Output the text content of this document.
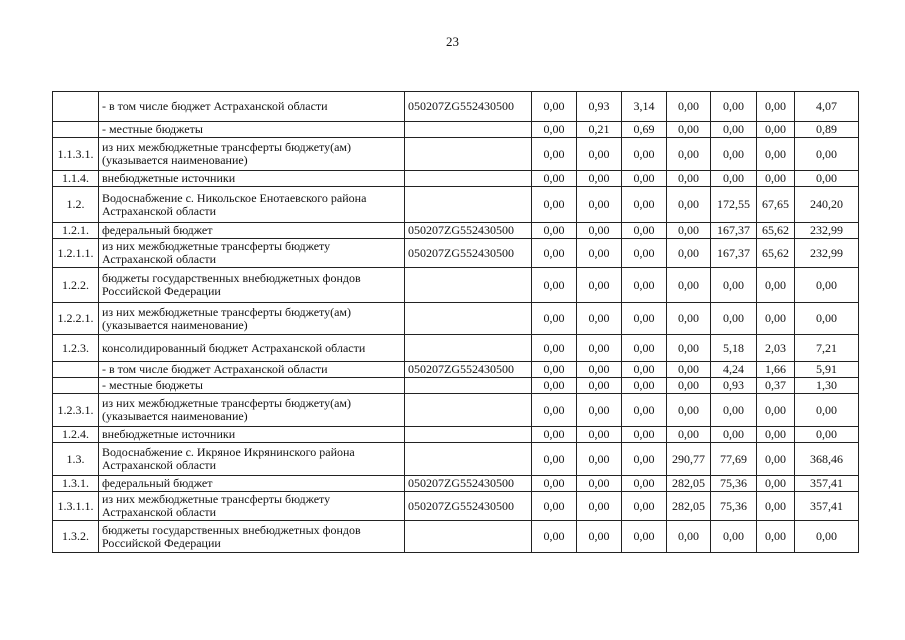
23
	- в том числе бюджет Астраханской области	050207ZG552430500	0,00	0,93	3,14	0,00	0,00	0,00	4,07
	- местные бюджеты		0,00	0,21	0,69	0,00	0,00	0,00	0,89
1.1.3.1.	из них межбюджетные трансферты бюджету(ам) (указывается наименование)		0,00	0,00	0,00	0,00	0,00	0,00	0,00
1.1.4.	внебюджетные источники		0,00	0,00	0,00	0,00	0,00	0,00	0,00
1.2.	Водоснабжение с. Никольское Енотаевского района Астраханской области		0,00	0,00	0,00	0,00	172,55	67,65	240,20
1.2.1.	федеральный бюджет	050207ZG552430500	0,00	0,00	0,00	0,00	167,37	65,62	232,99
1.2.1.1.	из них межбюджетные трансферты бюджету Астраханской области	050207ZG552430500	0,00	0,00	0,00	0,00	167,37	65,62	232,99
1.2.2.	бюджеты государственных внебюджетных фондов Российской Федерации		0,00	0,00	0,00	0,00	0,00	0,00	0,00
1.2.2.1.	из них межбюджетные трансферты бюджету(ам) (указывается наименование)		0,00	0,00	0,00	0,00	0,00	0,00	0,00
1.2.3.	консолидированный бюджет Астраханской области		0,00	0,00	0,00	0,00	5,18	2,03	7,21
	- в том числе бюджет Астраханской области	050207ZG552430500	0,00	0,00	0,00	0,00	4,24	1,66	5,91
	- местные бюджеты		0,00	0,00	0,00	0,00	0,93	0,37	1,30
1.2.3.1.	из них межбюджетные трансферты бюджету(ам) (указывается наименование)		0,00	0,00	0,00	0,00	0,00	0,00	0,00
1.2.4.	внебюджетные источники		0,00	0,00	0,00	0,00	0,00	0,00	0,00
1.3.	Водоснабжение с. Икряное Икрянинского района Астраханской области		0,00	0,00	0,00	290,77	77,69	0,00	368,46
1.3.1.	федеральный бюджет	050207ZG552430500	0,00	0,00	0,00	282,05	75,36	0,00	357,41
1.3.1.1.	из них межбюджетные трансферты бюджету Астраханской области	050207ZG552430500	0,00	0,00	0,00	282,05	75,36	0,00	357,41
1.3.2.	бюджеты государственных внебюджетных фондов Российской Федерации		0,00	0,00	0,00	0,00	0,00	0,00	0,00
